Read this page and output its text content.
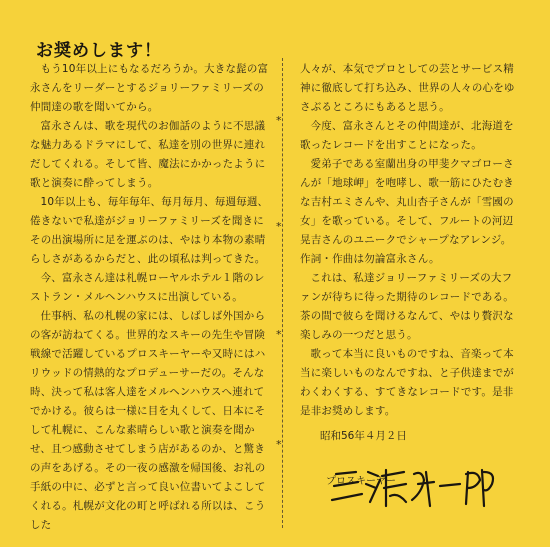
お奨めします！
*
*
*
*

もう10年以上にもなるだろうか。大きな髭の富永さんをリーダーとするジョリーファミリーズの仲間達の歌を聞いてから。

富永さんは、歌を現代のお伽話のように不思議な魅力あるドラマにして、私達を別の世界に連れだしてくれる。そして皆、魔法にかかったように歌と演奏に酔ってしまう。

10年以上も、毎年毎年、毎月毎月、毎週毎週、倦きないで私達がジョリーファミリーズを聞きにその出演場所に足を運ぶのは、やはり本物の素晴らしさがあるからだと、此の頃私は判ってきた。

今、富永さん達は札幌ローヤルホテル１階のレストラン・メルヘンハウスに出演している。

仕事柄、私の札幌の家には、しばしば外国からの客が訪ねてくる。世界的なスキーの先生や冒険戦線で活躍しているプロスキーヤーや又時にはハリウッドの情熱的なプロデューサーだの。そんな時、決って私は客人達をメルヘンハウスへ連れてでかける。彼らは一様に目を丸くして、日本にそして札幌に、こんな素晴らしい歌と演奏を聞かせ、且つ感動させてしまう店があるのか、と驚きの声をあげる。その一夜の感激を帰国後、お礼の手紙の中に、必ずと言って良い位書いてよこしてくれる。札幌が文化の町と呼ばれる所以は、こうした

人々が、本気でプロとしての芸とサービス精神に徹底して打ち込み、世界の人々の心をゆさぶるところにもあると思う。

今度、富永さんとその仲間達が、北海道を歌ったレコードを出すことになった。

愛弟子である室蘭出身の甲斐クマゴローさんが「地球岬」を咆哮し、歌一筋にひたむきな吉村エミさんや、丸山杏子さんが「雪國の女」を歌っている。そして、フルートの河辺晃吉さんのユニークでシャープなアレンジ。作詞・作曲は勿論富永さん。

これは、私達ジョリーファミリーズの大ファンが待ちに待った期待のレコードである。茶の間で彼らを聞けるなんて、やはり贅沢な楽しみの一つだと思う。

歌って本当に良いものですね、音楽って本当に楽しいものなんですね、と子供達までがわくわくする、すてきなレコードです。是非是非お奨めします。

昭和56年４月２日
プロスキーヤー
